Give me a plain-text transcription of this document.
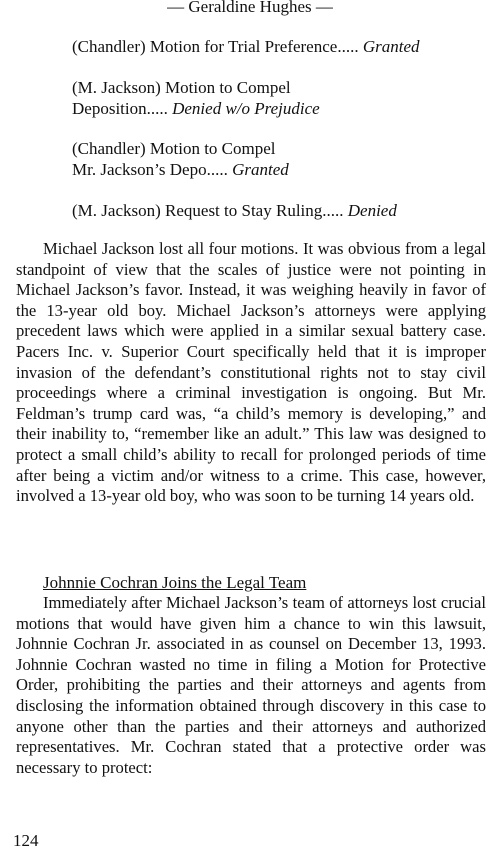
— Geraldine Hughes —
(Chandler) Motion for Trial Preference..... Granted
(M. Jackson) Motion to Compel
Deposition..... Denied w/o Prejudice
(Chandler) Motion to Compel
Mr. Jackson’s Depo..... Granted
(M. Jackson) Request to Stay Ruling..... Denied

Michael Jackson lost all four motions. It was obvious from a legal standpoint of view that the scales of justice were not pointing in Michael Jackson’s favor. Instead, it was weighing heavily in favor of the 13-year old boy. Michael Jackson’s attorneys were applying precedent laws which were applied in a similar sexual battery case. Pacers Inc. v. Superior Court specifically held that it is improper invasion of the defendant’s constitutional rights not to stay civil proceedings where a criminal investigation is ongoing. But Mr. Feldman’s trump card was, “a child’s memory is developing,” and their inability to, “remember like an adult.” This law was designed to protect a small child’s ability to recall for prolonged periods of time after being a victim and/or witness to a crime. This case, however, involved a 13-year old boy, who was soon to be turning 14 years old.

Johnnie Cochran Joins the Legal Team

Immediately after Michael Jackson’s team of attorneys lost crucial motions that would have given him a chance to win this lawsuit, Johnnie Cochran Jr. associated in as counsel on December 13, 1993. Johnnie Cochran wasted no time in filing a Motion for Protective Order, prohibiting the parties and their attorneys and agents from disclosing the information obtained through discovery in this case to anyone other than the parties and their attorneys and authorized representatives. Mr. Cochran stated that a protective order was necessary to protect:

124
